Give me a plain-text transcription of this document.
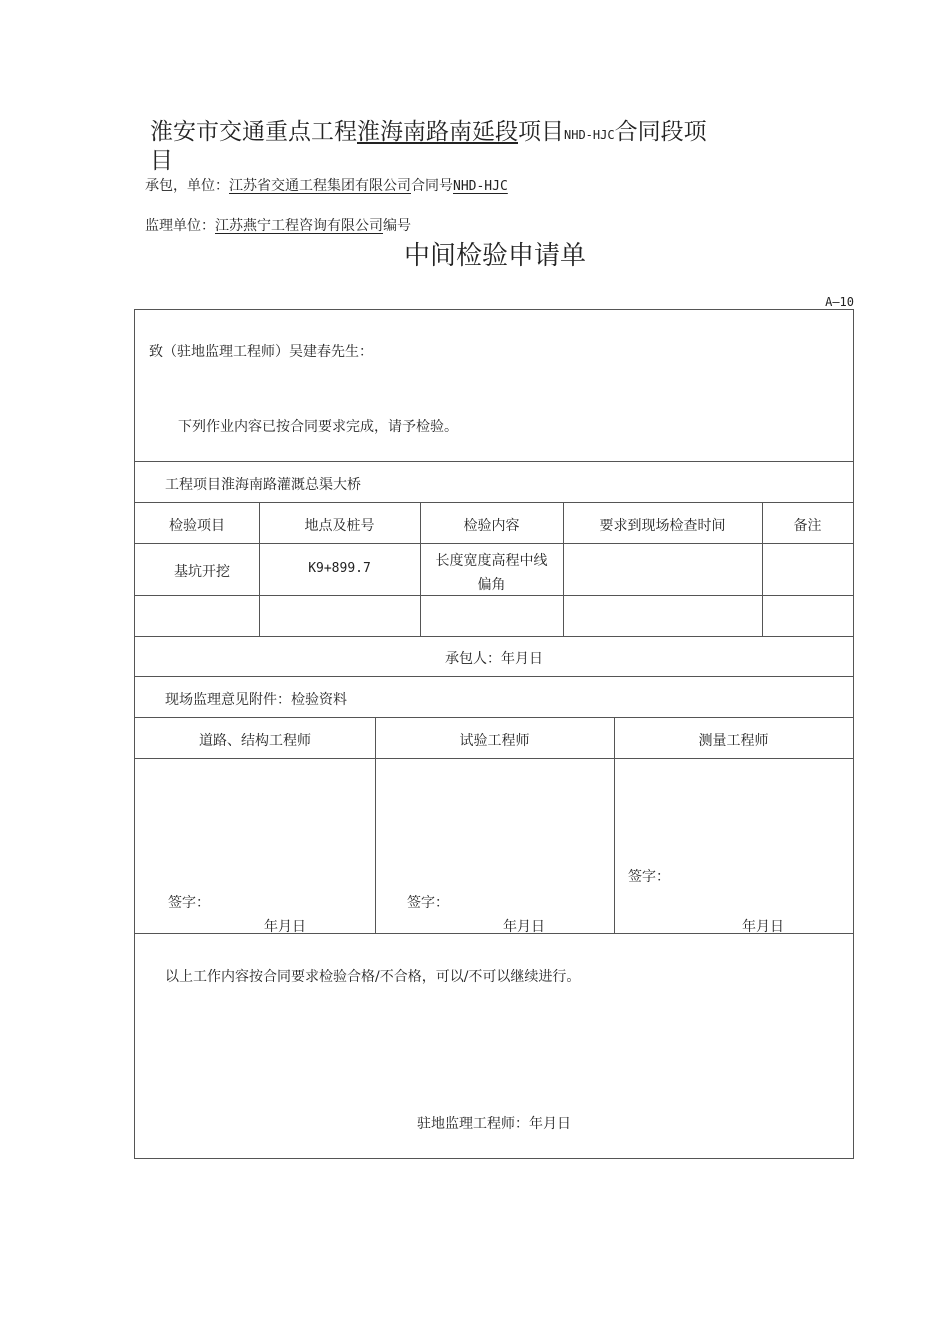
淮安市交通重点工程淮海南路南延段项目NHD-HJC合同段项
目
承包，单位：江苏省交通工程集团有限公司合同号NHD-HJC
监理单位：江苏燕宁工程咨询有限公司编号
中间检验申请单
A—10
致（驻地监理工程师）吴建春先生：
下列作业内容已按合同要求完成，请予检验。
工程项目淮海南路灌溉总渠大桥
检验项目	地点及桩号	检验内容	要求到现场检查时间	备注
基坑开挖	K9+899.7	长度宽度高程中线
偏角
承包人：年月日
现场监理意见附件：检验资料
道路、结构工程师	试验工程师	测量工程师
签字：
年月日
签字：
年月日
签字：
年月日
以上工作内容按合同要求检验合格/不合格，可以/不可以继续进行。
驻地监理工程师：年月日
